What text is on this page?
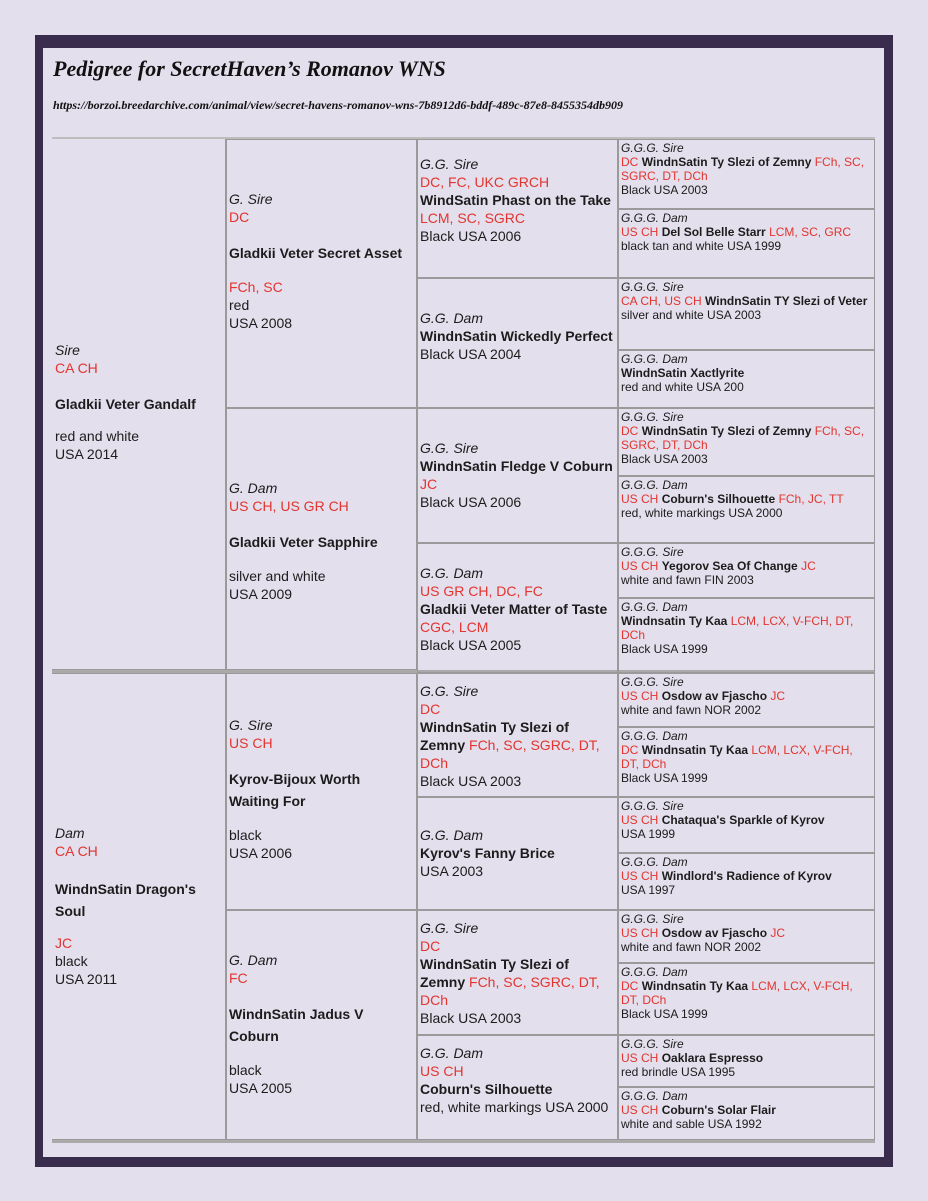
Pedigree for SecretHaven’s Romanov WNS
https://borzoi.breedarchive.com/animal/view/secret-havens-romanov-wns-7b8912d6-bddf-489c-87e8-8455354db909
Sire
CA CH
Gladkii Veter Gandalf
red and white
USA 2014
Dam
CA CH
WindnSatin Dragon's Soul
JC
black
USA 2011
G. Sire
DC
Gladkii Veter Secret Asset
FCh, SC
red
USA 2008
G. Dam
US CH, US GR CH
Gladkii Veter Sapphire
silver and white
USA 2009
G. Sire
US CH
Kyrov-Bijoux Worth Waiting For
black
USA 2006
G. Dam
FC
WindnSatin Jadus V Coburn
black
USA 2005
G.G. Sire
DC, FC, UKC GRCH
WindSatin Phast on the Take LCM, SC, SGRC
Black USA 2006
G.G. Dam
WindnSatin Wickedly Perfect
Black USA 2004
G.G. Sire
WindnSatin Fledge V Coburn JC
Black USA 2006
G.G. Dam
US GR CH, DC, FC
Gladkii Veter Matter of Taste CGC, LCM
Black USA 2005
G.G. Sire
DC
WindnSatin Ty Slezi of Zemny FCh, SC, SGRC, DT, DCh
Black USA 2003
G.G. Dam
Kyrov's Fanny Brice
USA 2003
G.G. Sire
DC
WindnSatin Ty Slezi of Zemny FCh, SC, SGRC, DT, DCh
Black USA 2003
G.G. Dam
US CH
Coburn's Silhouette
red, white markings USA 2000
G.G.G. Sire
DC WindnSatin Ty Slezi of Zemny FCh, SC, SGRC, DT, DCh
Black USA 2003
G.G.G. Dam
US CH Del Sol Belle Starr LCM, SC, GRC
black tan and white USA 1999
G.G.G. Sire
CA CH, US CH WindnSatin TY Slezi of Veter
silver and white USA 2003
G.G.G. Dam
WindnSatin Xactlyrite
red and white USA 200
G.G.G. Sire
DC WindnSatin Ty Slezi of Zemny FCh, SC, SGRC, DT, DCh
Black USA 2003
G.G.G. Dam
US CH Coburn's Silhouette FCh, JC, TT
red, white markings USA 2000
G.G.G. Sire
US CH Yegorov Sea Of Change JC
white and fawn FIN 2003
G.G.G. Dam
Windnsatin Ty Kaa LCM, LCX, V-FCH, DT, DCh
Black USA 1999
G.G.G. Sire
US CH Osdow av Fjascho JC
white and fawn NOR 2002
G.G.G. Dam
DC Windnsatin Ty Kaa LCM, LCX, V-FCH, DT, DCh
Black USA 1999
G.G.G. Sire
US CH Chataqua's Sparkle of Kyrov
USA 1999
G.G.G. Dam
US CH Windlord's Radience of Kyrov
USA 1997
G.G.G. Sire
US CH Osdow av Fjascho JC
white and fawn NOR 2002
G.G.G. Dam
DC Windnsatin Ty Kaa LCM, LCX, V-FCH, DT, DCh
Black USA 1999
G.G.G. Sire
US CH Oaklara Espresso
red brindle USA 1995
G.G.G. Dam
US CH Coburn's Solar Flair
white and sable USA 1992
